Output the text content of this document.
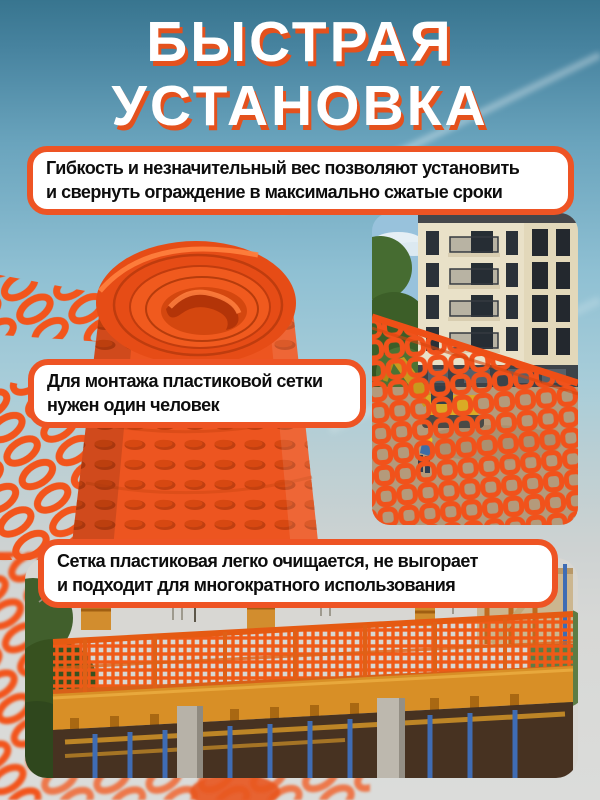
БЫСТРАЯ
УСТАНОВКА
Гибкость и незначительный вес позволяют установить
и свернуть ограждение в максимально сжатые сроки
Для монтажа пластиковой сетки
нужен один человек
Сетка пластиковая легко очищается, не выгорает
и подходит для многократного использования
